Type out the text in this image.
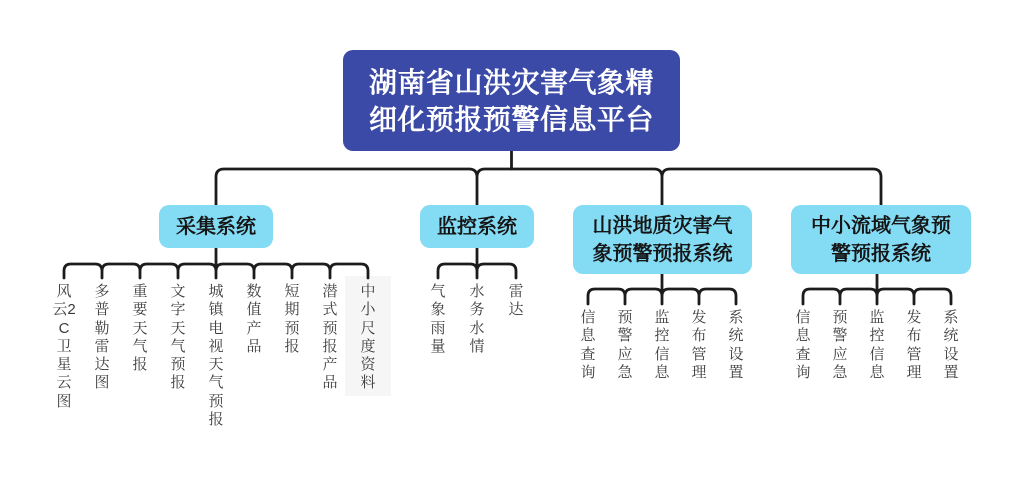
湖南省山洪灾害气象精
细化预报预警信息平台
采集系统	监控系统	山洪地质灾害气象预警预报系统
中小流域气象预警预报系统
风云2C卫星云图
多普勒雷达图
重要天气报
文字天气预报
城镇电视天气预报
数值产品
短期预报
潜式预报产品
中小尺度资料
气象雨量
水务水情
雷达	信息查询
预警应急
监控信息
发布管理
系统设置
信息查询
预警应急
监控信息
发布管理
系统设置
